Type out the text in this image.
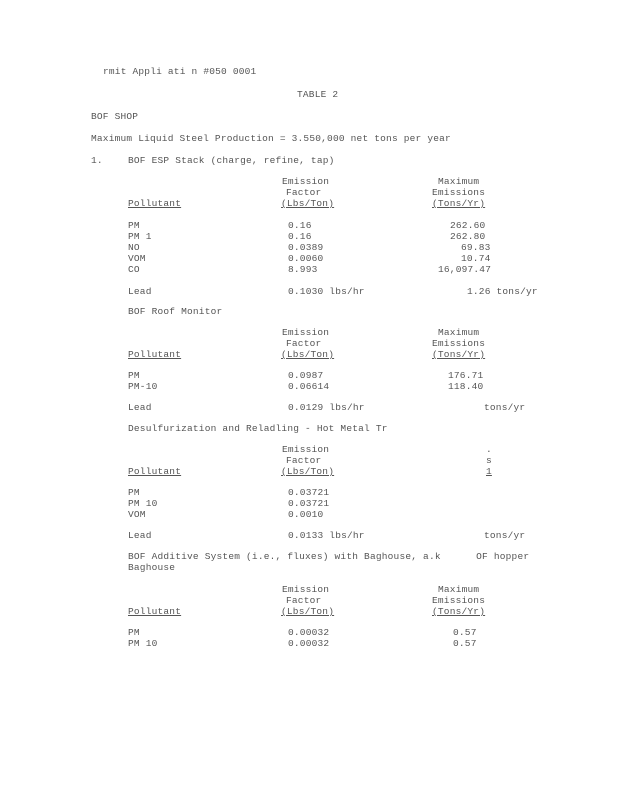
rmit Appli ati n #050 0001
TABLE 2
BOF SHOP
Maximum Liquid Steel Production = 3.550,000 net tons per year
1.	BOF ESP Stack (charge, refine, tap)
Emission
Factor
(Lbs/Ton)
Maximum
Emissions
(Tons/Yr)
Pollutant
PM	0.16	262.60
PM 1	0.16	262.80
NO	0.0389	69.83
VOM	0.0060	10.74
CO	8.993	16,097.47
Lead	0.1030 lbs/hr	1.26 tons/yr
BOF Roof Monitor
Emission
Factor
(Lbs/Ton)
Maximum
Emissions
(Tons/Yr)
Pollutant
PM	0.0987	176.71
PM-10	0.06614	118.40
Lead	0.0129 lbs/hr	tons/yr
Desulfurization and Reladling - Hot Metal Tr
Emission
Factor
(Lbs/Ton)
.
s
1
Pollutant
PM	0.03721
PM 10	0.03721
VOM	0.0010
Lead	0.0133 lbs/hr	tons/yr
BOF Additive System (i.e., fluxes) with Baghouse, a.k      OF hopper
Baghouse
Emission
Factor
(Lbs/Ton)
Maximum
Emissions
(Tons/Yr)
Pollutant
PM	0.00032	0.57
PM 10	0.00032	0.57
